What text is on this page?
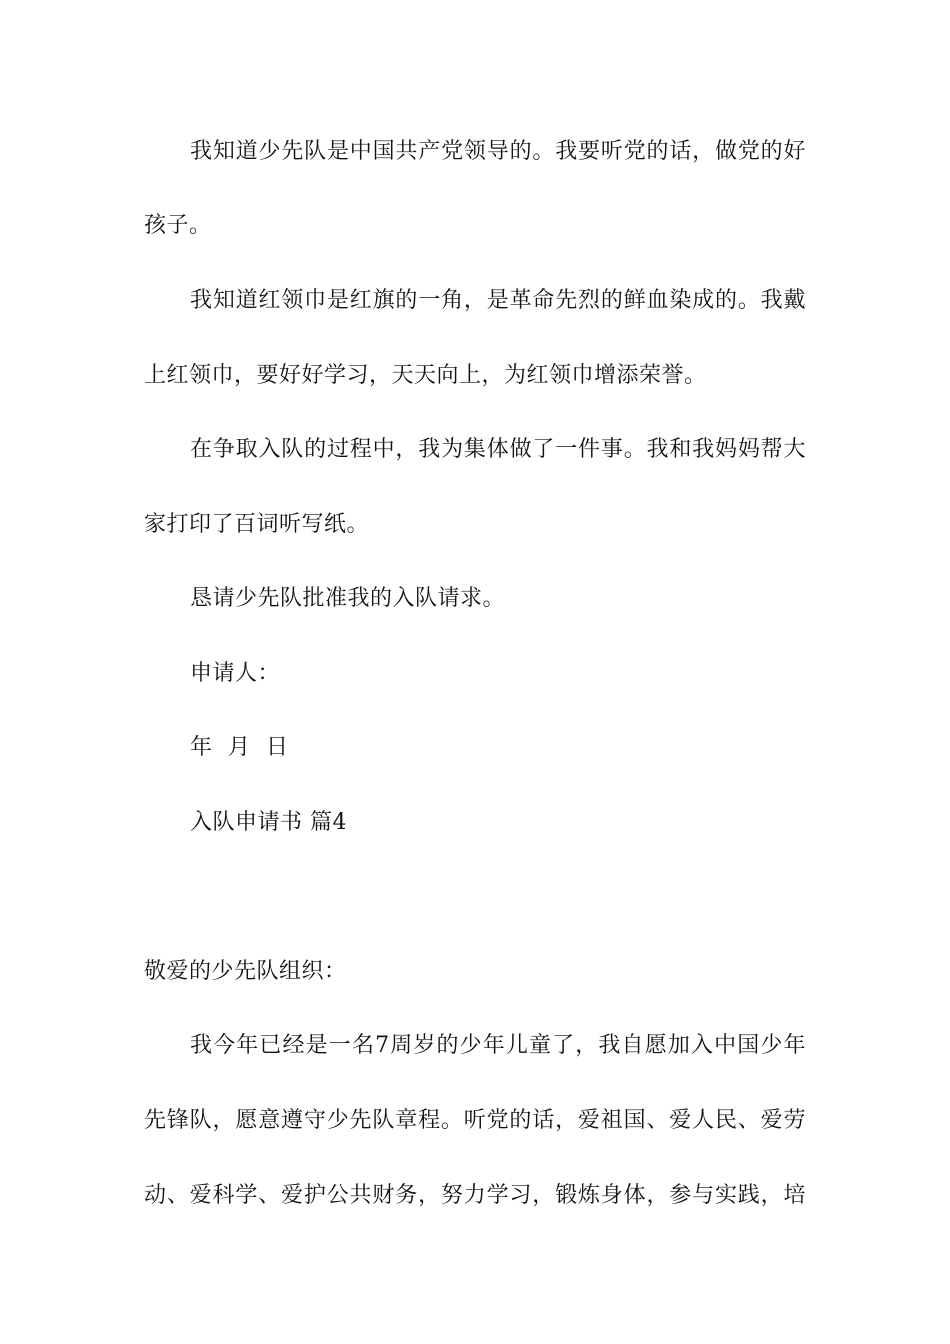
我知道少先队是中国共产党领导的。我要听党的话，做党的好
孩子。
我知道红领巾是红旗的一角，是革命先烈的鲜血染成的。我戴
上红领巾，要好好学习，天天向上，为红领巾增添荣誉。
在争取入队的过程中，我为集体做了一件事。我和我妈妈帮大
家打印了百词听写纸。
恳请少先队批准我的入队请求。
申请人：
年 月 日
入队申请书 篇4
敬爱的少先队组织：
我今年已经是一名7周岁的少年儿童了，我自愿加入中国少年
先锋队，愿意遵守少先队章程。听党的话，爱祖国、爱人民、爱劳
动、爱科学、爱护公共财务，努力学习，锻炼身体，参与实践，培
